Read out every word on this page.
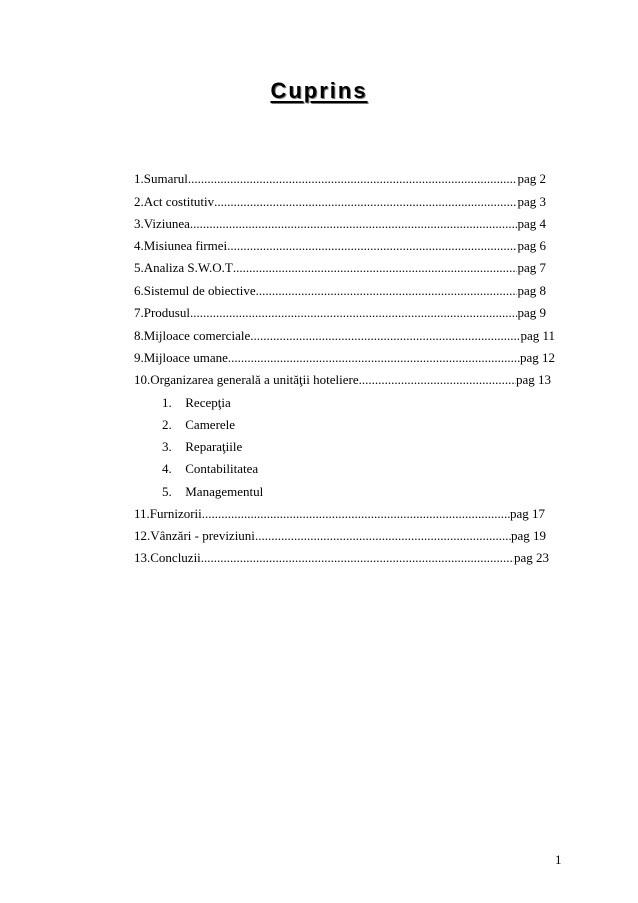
Cuprins
1. Sumarul .....	pag 2
2. Act costitutiv .....	pag 3
3. Viziunea .....	pag 4
4. Misiunea firmei .....	pag 6
5. Analiza S.W.O.T .....	pag 7
6. Sistemul de obiective .....	pag 8
7. Produsul .....	pag 9
8. Mijloace comerciale .....	pag 11
9. Mijloace umane .....	pag 12
10. Organizarea generală a unităţii hoteliere .....	pag 13
1. Recepţia
2. Camerele
3. Reparaţiile
4. Contabilitatea
5. Managementul
11. Furnizorii .....	pag 17
12. Vânzări - previziuni .....	pag 19
13. Concluzii .....	pag 23
1
